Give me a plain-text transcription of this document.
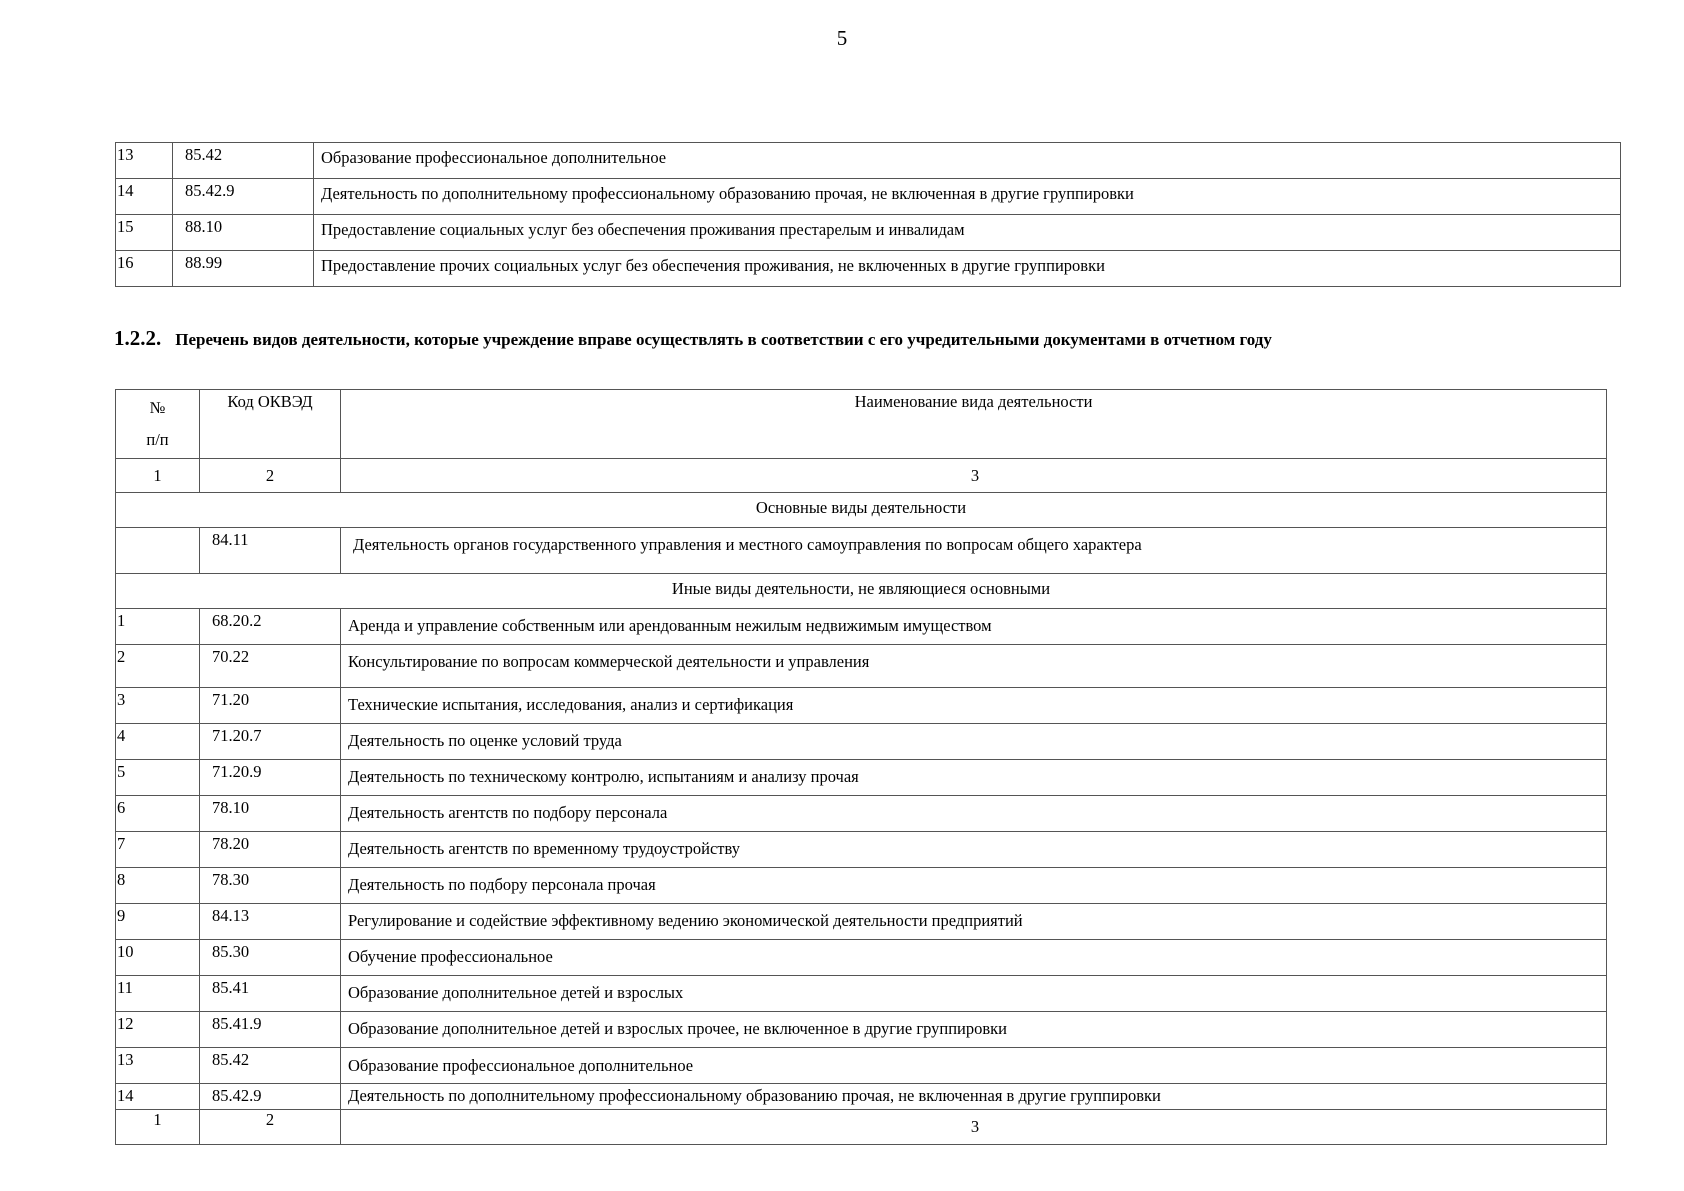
5
13	85.42	Образование профессиональное дополнительное
14	85.42.9	Деятельность по дополнительному профессиональному образованию прочая, не включенная в другие группировки
15	88.10	Предоставление социальных услуг без обеспечения проживания престарелым и инвалидам
16	88.99	Предоставление прочих социальных услуг без обеспечения проживания, не включенных в другие группировки
1.2.2. Перечень видов деятельности, которые учреждение вправе осуществлять в соответствии с его учредительными документами в отчетном году
№
п/п	Код ОКВЭД	Наименование вида деятельности
1	2	3
Основные виды деятельности		
	84.11	Деятельность органов государственного управления и местного самоуправления по вопросам общего характера
Иные виды деятельности, не являющиеся основными		
1	68.20.2	Аренда и управление собственным или арендованным нежилым недвижимым имуществом
2	70.22	Консультирование по вопросам коммерческой деятельности и управления
3	71.20	Технические испытания, исследования, анализ и сертификация
4	71.20.7	Деятельность по оценке условий труда
5	71.20.9	Деятельность по техническому контролю, испытаниям и анализу прочая
6	78.10	Деятельность агентств по подбору персонала
7	78.20	Деятельность агентств по временному трудоустройству
8	78.30	Деятельность по подбору персонала прочая
9	84.13	Регулирование и содействие эффективному ведению экономической деятельности предприятий
10	85.30	Обучение профессиональное
11	85.41	Образование дополнительное детей и взрослых
12	85.41.9	Образование дополнительное детей и взрослых прочее, не включенное в другие группировки
13	85.42	Образование профессиональное дополнительное
14	85.42.9	Деятельность по дополнительному профессиональному образованию прочая, не включенная в другие группировки
1	2	3
